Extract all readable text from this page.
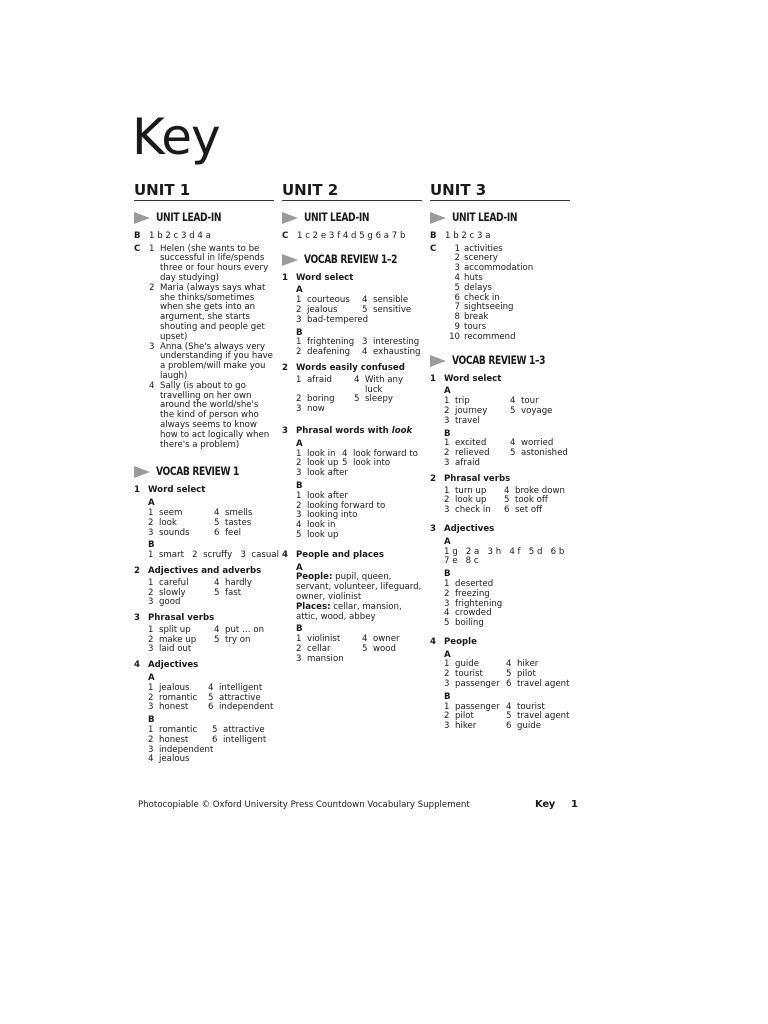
Key
UNIT 1
UNIT LEAD-IN
B 1 b 2 c 3 d 4 a
C	1 Helen (she wants to be successful in life/spends three or four hours every day studying)
2 Maria (always says what she thinks/sometimes when she gets into an argument, she starts shouting and people get upset)
3 Anna (She's always very understanding if you have a problem/will make you laugh)
4 Sally (is about to go travelling on her own around the world/she's the kind of person who always seems to know how to act logically when there's a problem)
VOCAB REVIEW 1
1 Word select
A
1 seem	4 smells
2 look	5 tastes
3 sounds	6 feel
B
1  smart   2  scruffy   3  casual
2 Adjectives and adverbs
1 careful	4 hardly
2 slowly	5 fast
3 good
3 Phrasal verbs
1 split up	4 put … on
2 make up 5 try on
3 laid out
4 Adjectives
A
1 jealous 4 intelligent
2 romantic 5 attractive
3 honest 6 independent
B
1 romantic 5 attractive
2 honest	6 intelligent
3 independent
4 jealous
UNIT 2
UNIT LEAD-IN
C	1 c 2 e 3 f 4 d 5 g 6 a 7 b
VOCAB REVIEW 1–2
1 Word select
A
1 courteous 4 sensible
2 jealous	5 sensitive
3 bad-tempered
B
1 frightening 3 interesting
2 deafening 4 exhausting
2 Words easily confused
1 afraid	4 With any luck
2 boring 5 sleepy
3 now
3 Phrasal words with look
A
1 look in 4 look forward to
2 look up 5 look into
3 look after
B
1 look after
2 looking forward to
3 looking into
4 look in
5 look up
4 People and places
A
People: pupil, queen, servant, volunteer, lifeguard, owner, violinist
Places: cellar, mansion, attic, wood, abbey
B
1 violinist	4 owner
2 cellar	5 wood
3 mansion
UNIT 3
UNIT LEAD-IN
B 1 b 2 c 3 a
C	1 activities
2 scenery
3 accommodation
4 huts
5 delays
6 check in
7 sightseeing
8 break
9 tours
10 recommend
VOCAB REVIEW 1–3
1 Word select
A
1 trip	4 tour
2 journey	5 voyage
3 travel
B
1 excited	4 worried
2 relieved 5 astonished
3 afraid
2 Phrasal verbs
1 turn up 4 broke down
2 look up 5 took off
3 check in 6 set off
3 Adjectives
A
1 g   2 a   3 h   4 f   5 d   6 b   7 e   8 c
B
1 deserted
2 freezing
3 frightening
4 crowded
5 boiling
4 People
A
1 guide	4 hiker
2 tourist	5 pilot
3 passenger 6 travel agent
B
1 passenger 4 tourist
2 pilot	5 travel agent
3 hiker	6 guide
Photocopiable © Oxford University Press Countdown Vocabulary Supplement	Key 1
